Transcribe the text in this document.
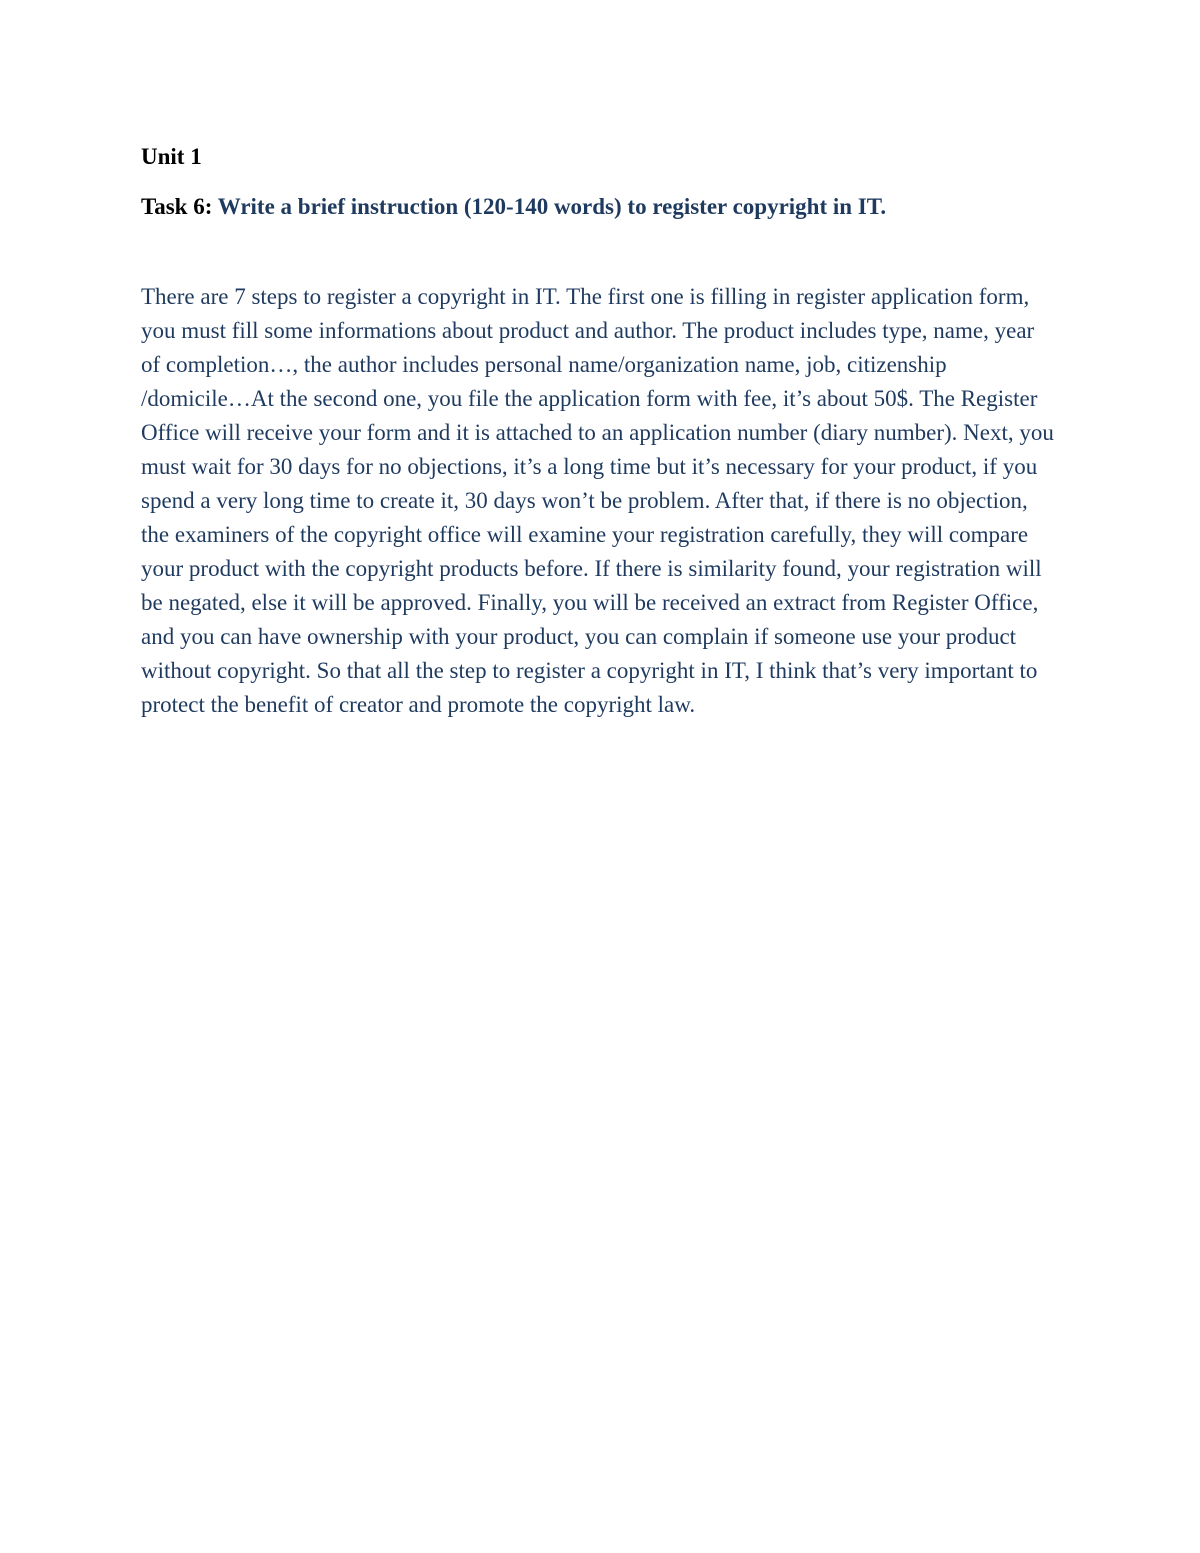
Unit 1

Task 6: Write a brief instruction (120-140 words) to register copyright in IT.

There are 7 steps to register a copyright in IT. The first one is filling in register application form, you must fill some informations about product and author. The product includes type, name, year of completion…, the author includes personal name/organization name, job, citizenship /domicile…At the second one, you file the application form with fee, it’s about 50$. The Register Office will receive your form and it is attached to an application number (diary number). Next, you must wait for 30 days for no objections, it’s a long time but it’s necessary for your product, if you spend a very long time to create it, 30 days won’t be problem. After that, if there is no objection, the examiners of the copyright office will examine your registration carefully, they will compare your product with the copyright products before. If there is similarity found, your registration will be negated, else it will be approved. Finally, you will be received an extract from Register Office, and you can have ownership with your product, you can complain if someone use your product without copyright. So that all the step to register a copyright in IT, I think that’s very important to protect the benefit of creator and promote the copyright law.
